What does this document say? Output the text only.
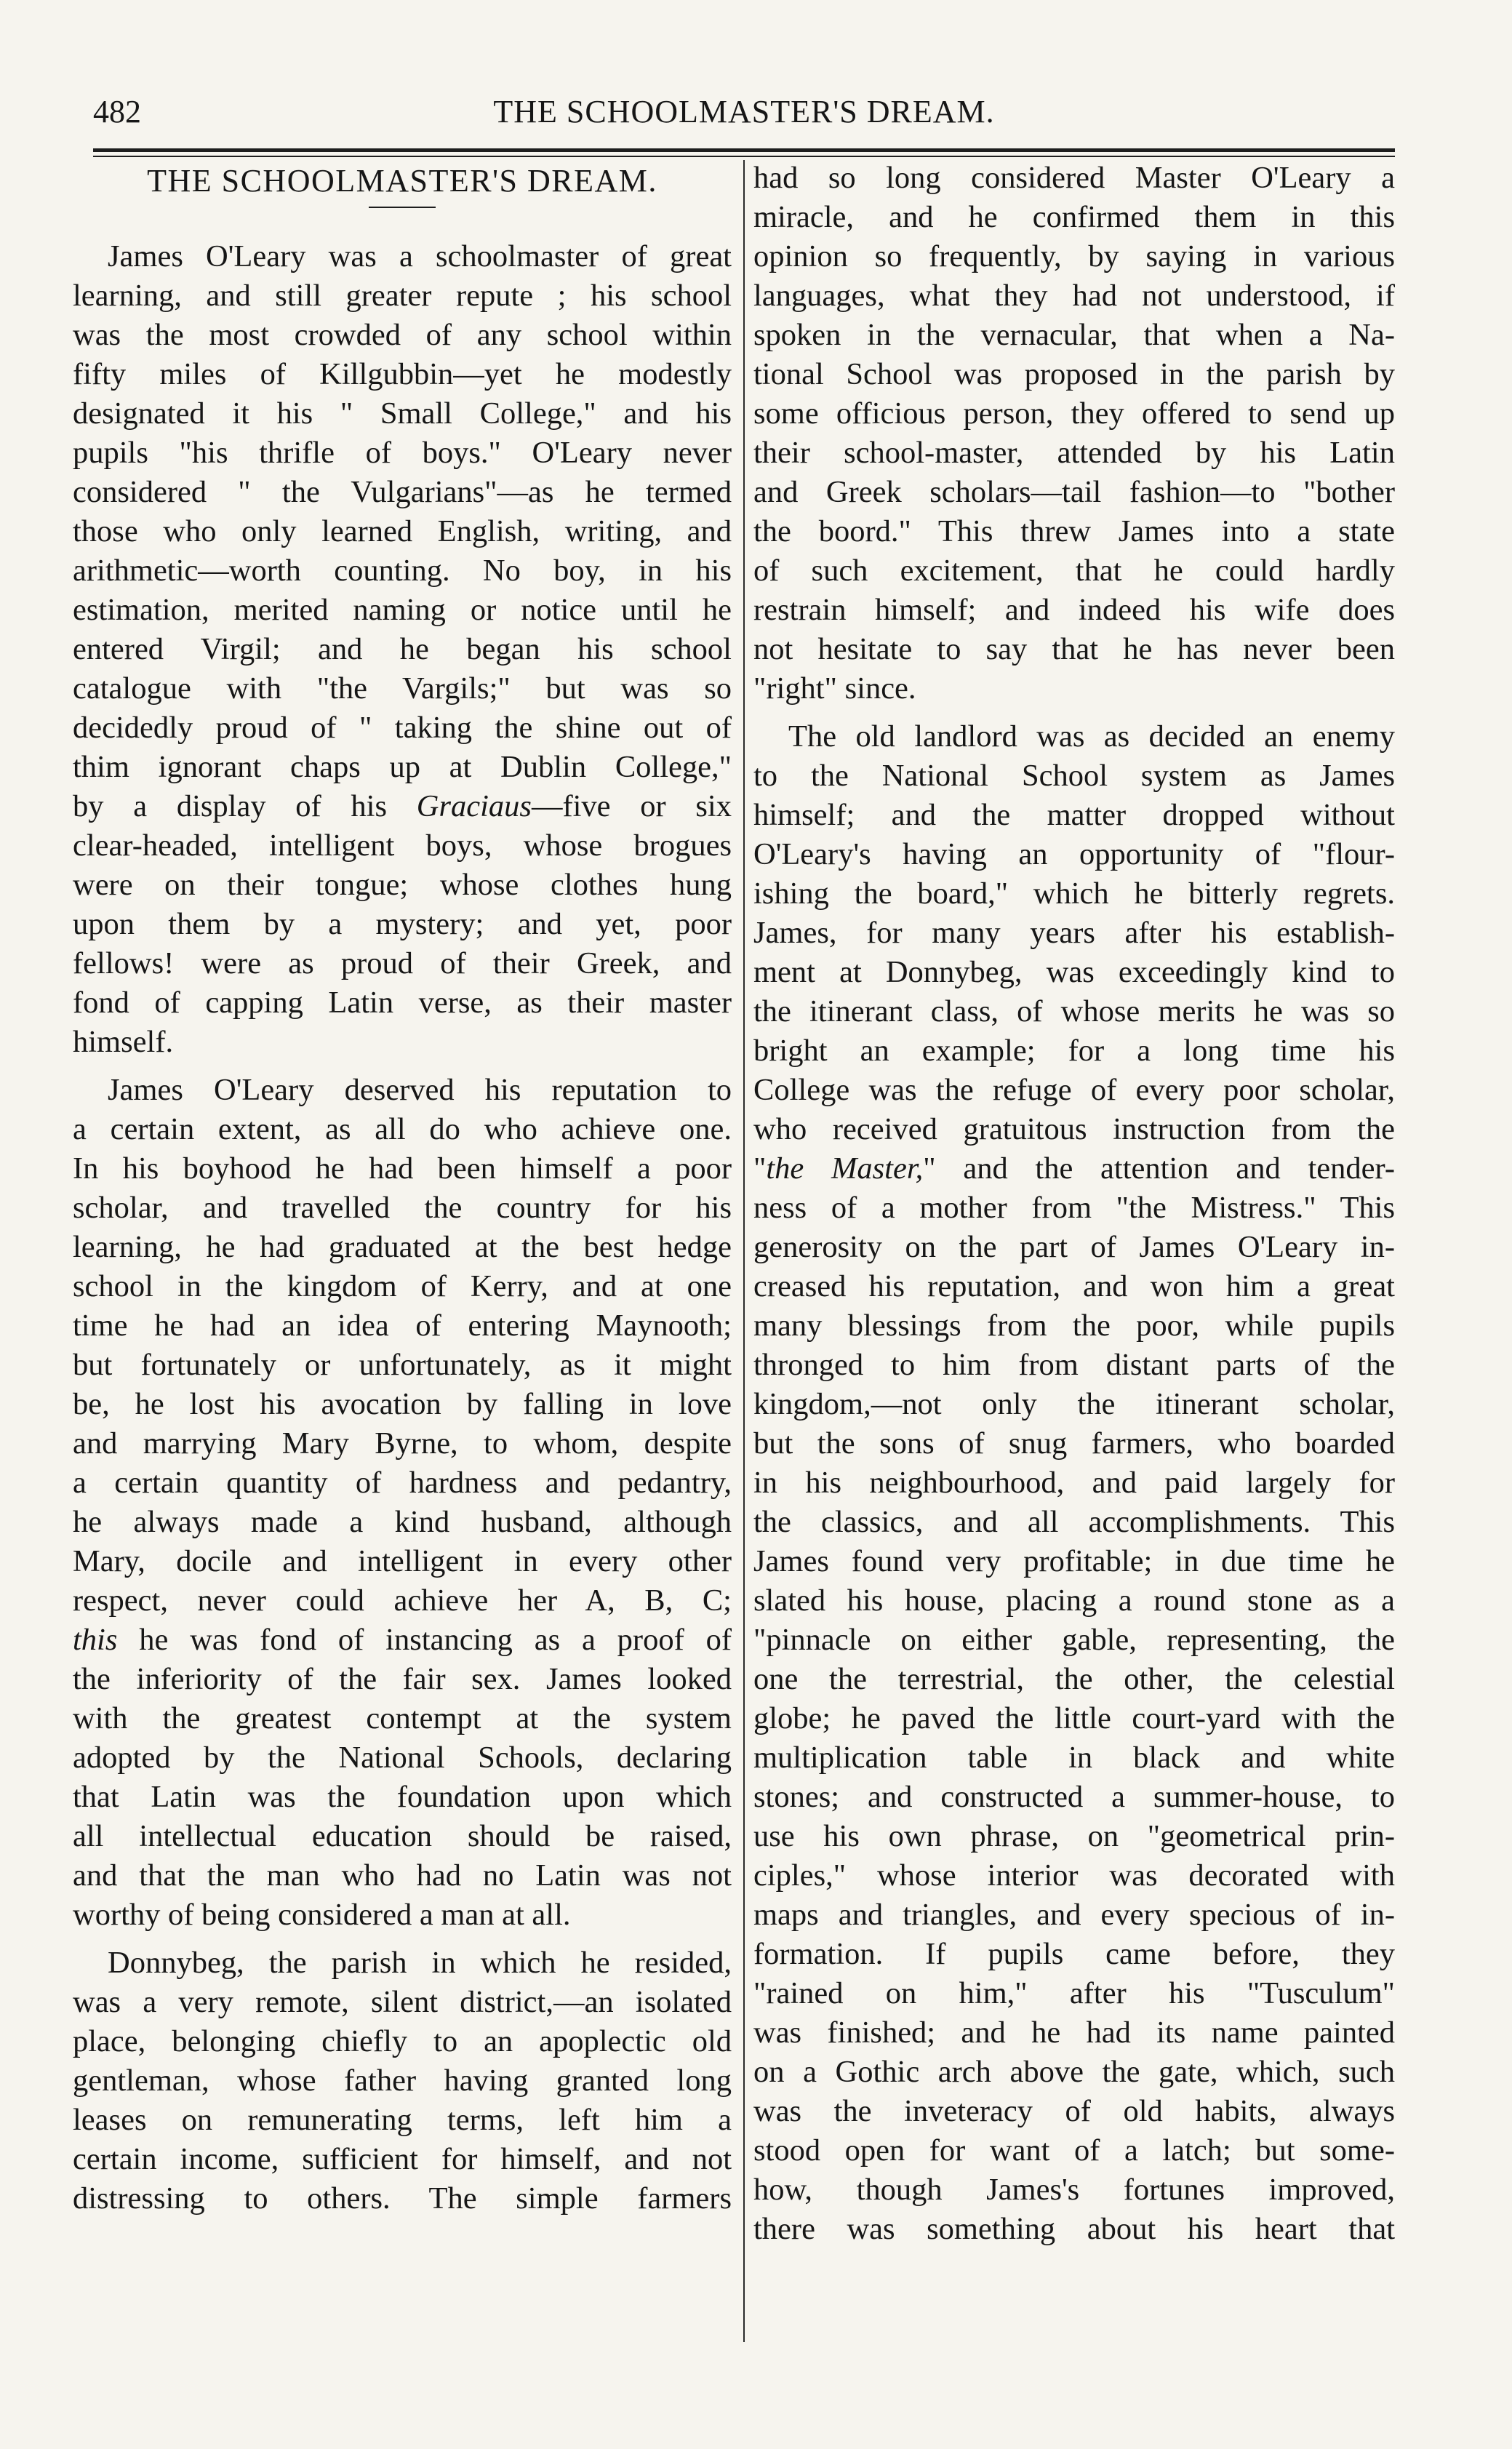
482	THE SCHOOLMASTER'S DREAM.
THE SCHOOLMASTER'S DREAM.
James O'Leary was a schoolmaster of great
learning, and still greater repute ; his school
was the most crowded of any school within
fifty miles of Killgubbin—yet he modestly
designated it his " Small College," and his
pupils "his thrifle of boys." O'Leary never
considered " the Vulgarians"—as he termed
those who only learned English, writing, and
arithmetic—worth counting. No boy, in his
estimation, merited naming or notice until he
entered Virgil; and he began his school
catalogue with "the Vargils;" but was so
decidedly proud of " taking the shine out of
thim ignorant chaps up at Dublin College,"
by a display of his Graciaus—five or six
clear-headed, intelligent boys, whose brogues
were on their tongue; whose clothes hung
upon them by a mystery; and yet, poor
fellows! were as proud of their Greek, and
fond of capping Latin verse, as their master
himself.
James O'Leary deserved his reputation to
a certain extent, as all do who achieve one.
In his boyhood he had been himself a poor
scholar, and travelled the country for his
learning, he had graduated at the best hedge
school in the kingdom of Kerry, and at one
time he had an idea of entering Maynooth;
but fortunately or unfortunately, as it might
be, he lost his avocation by falling in love
and marrying Mary Byrne, to whom, despite
a certain quantity of hardness and pedantry,
he always made a kind husband, although
Mary, docile and intelligent in every other
respect, never could achieve her A, B, C;
this he was fond of instancing as a proof of
the inferiority of the fair sex. James looked
with the greatest contempt at the system
adopted by the National Schools, declaring
that Latin was the foundation upon which
all intellectual education should be raised,
and that the man who had no Latin was not
worthy of being considered a man at all.
Donnybeg, the parish in which he resided,
was a very remote, silent district,—an isolated
place, belonging chiefly to an apoplectic old
gentleman, whose father having granted long
leases on remunerating terms, left him a
certain income, sufficient for himself, and not
distressing to others. The simple farmers
had so long considered Master O'Leary a
miracle, and he confirmed them in this
opinion so frequently, by saying in various
languages, what they had not understood, if
spoken in the vernacular, that when a Na-
tional School was proposed in the parish by
some officious person, they offered to send up
their school-master, attended by his Latin
and Greek scholars—tail fashion—to "bother
the boord." This threw James into a state
of such excitement, that he could hardly
restrain himself; and indeed his wife does
not hesitate to say that he has never been
"right" since.
The old landlord was as decided an enemy
to the National School system as James
himself; and the matter dropped without
O'Leary's having an opportunity of "flour-
ishing the board," which he bitterly regrets.
James, for many years after his establish-
ment at Donnybeg, was exceedingly kind to
the itinerant class, of whose merits he was so
bright an example; for a long time his
College was the refuge of every poor scholar,
who received gratuitous instruction from the
"the Master," and the attention and tender-
ness of a mother from "the Mistress." This
generosity on the part of James O'Leary in-
creased his reputation, and won him a great
many blessings from the poor, while pupils
thronged to him from distant parts of the
kingdom,—not only the itinerant scholar,
but the sons of snug farmers, who boarded
in his neighbourhood, and paid largely for
the classics, and all accomplishments. This
James found very profitable; in due time he
slated his house, placing a round stone as a
"pinnacle on either gable, representing, the
one the terrestrial, the other, the celestial
globe; he paved the little court-yard with the
multiplication table in black and white
stones; and constructed a summer-house, to
use his own phrase, on "geometrical prin-
ciples," whose interior was decorated with
maps and triangles, and every specious of in-
formation. If pupils came before, they
"rained on him," after his "Tusculum"
was finished; and he had its name painted
on a Gothic arch above the gate, which, such
was the inveteracy of old habits, always
stood open for want of a latch; but some-
how, though James's fortunes improved,
there was something about his heart that
